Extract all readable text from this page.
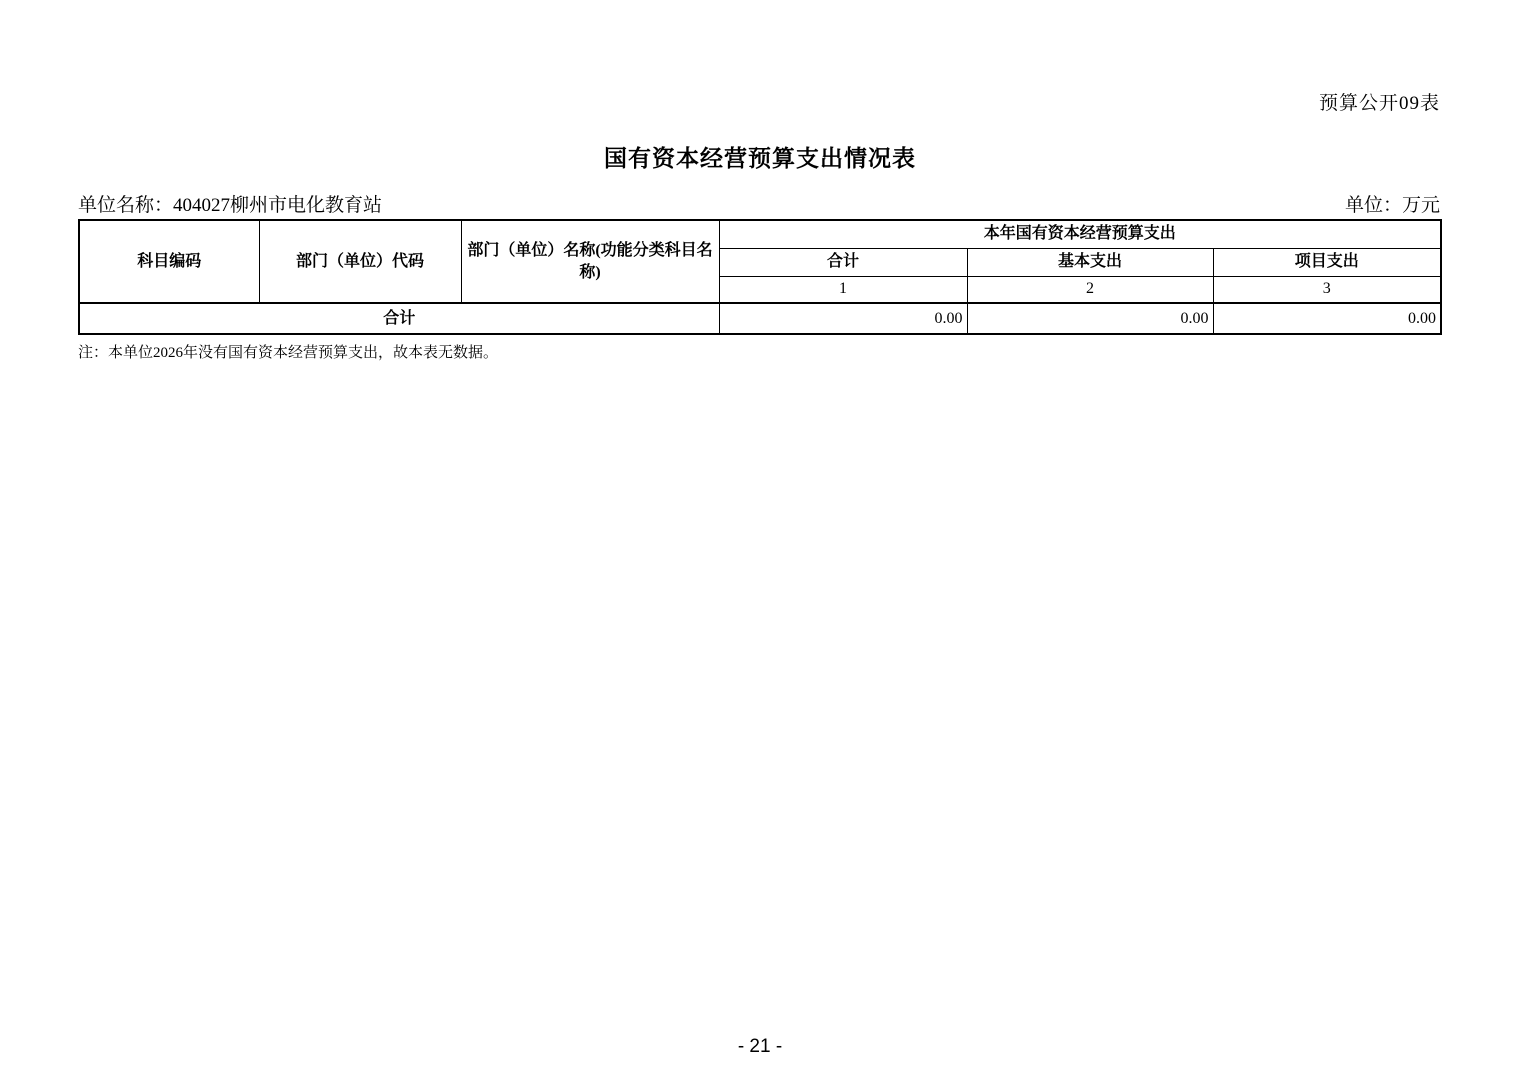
预算公开09表
国有资本经营预算支出情况表
单位名称：404027柳州市电化教育站	单位：万元
科目编码	部门（单位）代码	部门（单位）名称(功能分类科目名称)	本年国有资本经营预算支出		
			合计	基本支出	项目支出
			1	2	3
合计			0.00	0.00	0.00
注：本单位2026年没有国有资本经营预算支出，故本表无数据。
- 21 -
